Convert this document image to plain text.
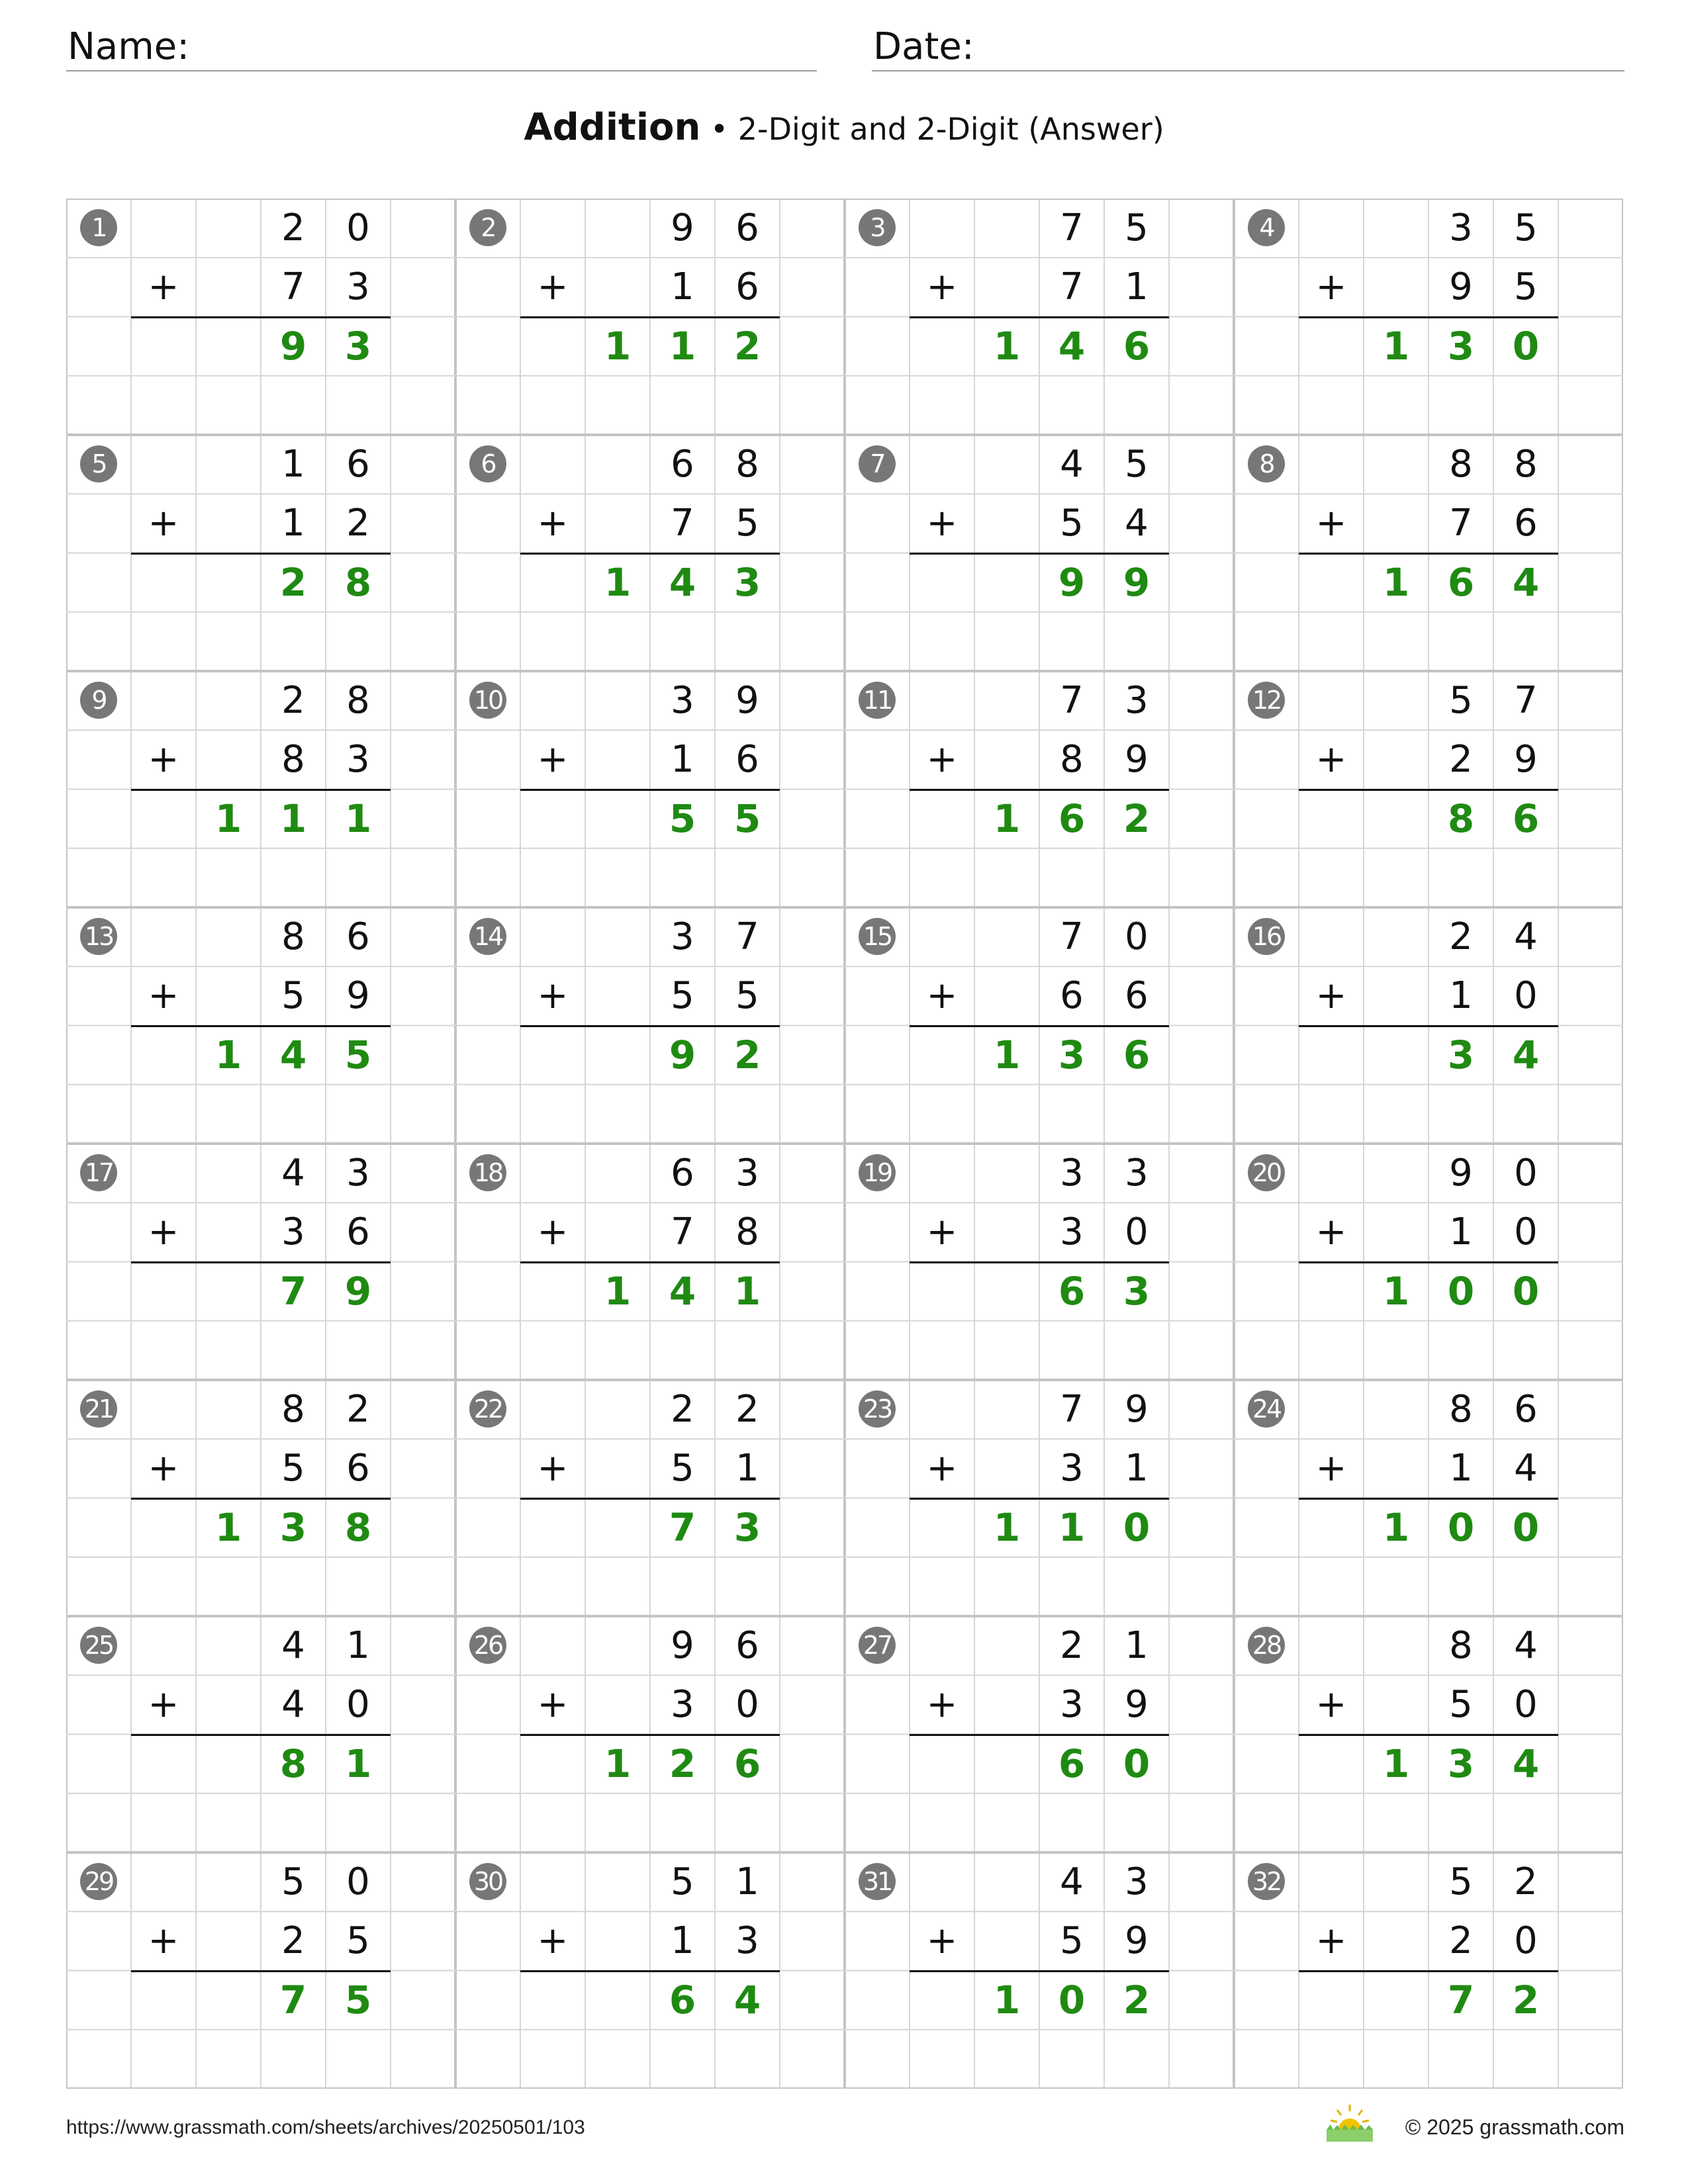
Name:	Date:
Addition • 2-Digit and 2-Digit (Answer)
1	2	0
+	7	3
9 3
2	9	6
+	1	6
1 1 2
3	7	5
+	7	1
1 4 6
4	3	5
+	9	5
1 3 0
5	1	6
+	1	2
2 8
6	6	8
+	7	5
1 4 3
7	4	5
+	5	4
9 9
8	8	8
+	7	6
1 6 4
9	2	8
+	8	3
1 1 1
10	3	9
+	1	6
5 5
11	7	3
+	8	9
1 6 2
12	5	7
+	2	9
8 6
13	8	6
+	5	9
1 4 5
14	3	7
+	5	5
9 2
15	7	0
+	6	6
1 3 6
16	2	4
+	1	0
3 4
17	4	3
+	3	6
7 9
18	6	3
+	7	8
1 4 1
19	3	3
+	3	0
6 3
20	9	0
+	1	0
1 0 0
21	8	2
+	5	6
1 3 8
22	2	2
+	5	1
7 3
23	7	9
+	3	1
1 1 0
24	8	6
+	1	4
1 0 0
25	4	1
+	4	0
8 1
26	9	6
+	3	0
1 2 6
27	2	1
+	3	9
6 0
28	8	4
+	5	0
1 3 4
29	5	0
+	2	5
7 5
30	5	1
+	1	3
6 4
31	4	3
+	5	9
1 0 2
32	5	2
+	2	0
7 2
https://www.grassmath.com/sheets/archives/20250501/103	© 2025 grassmath.com
